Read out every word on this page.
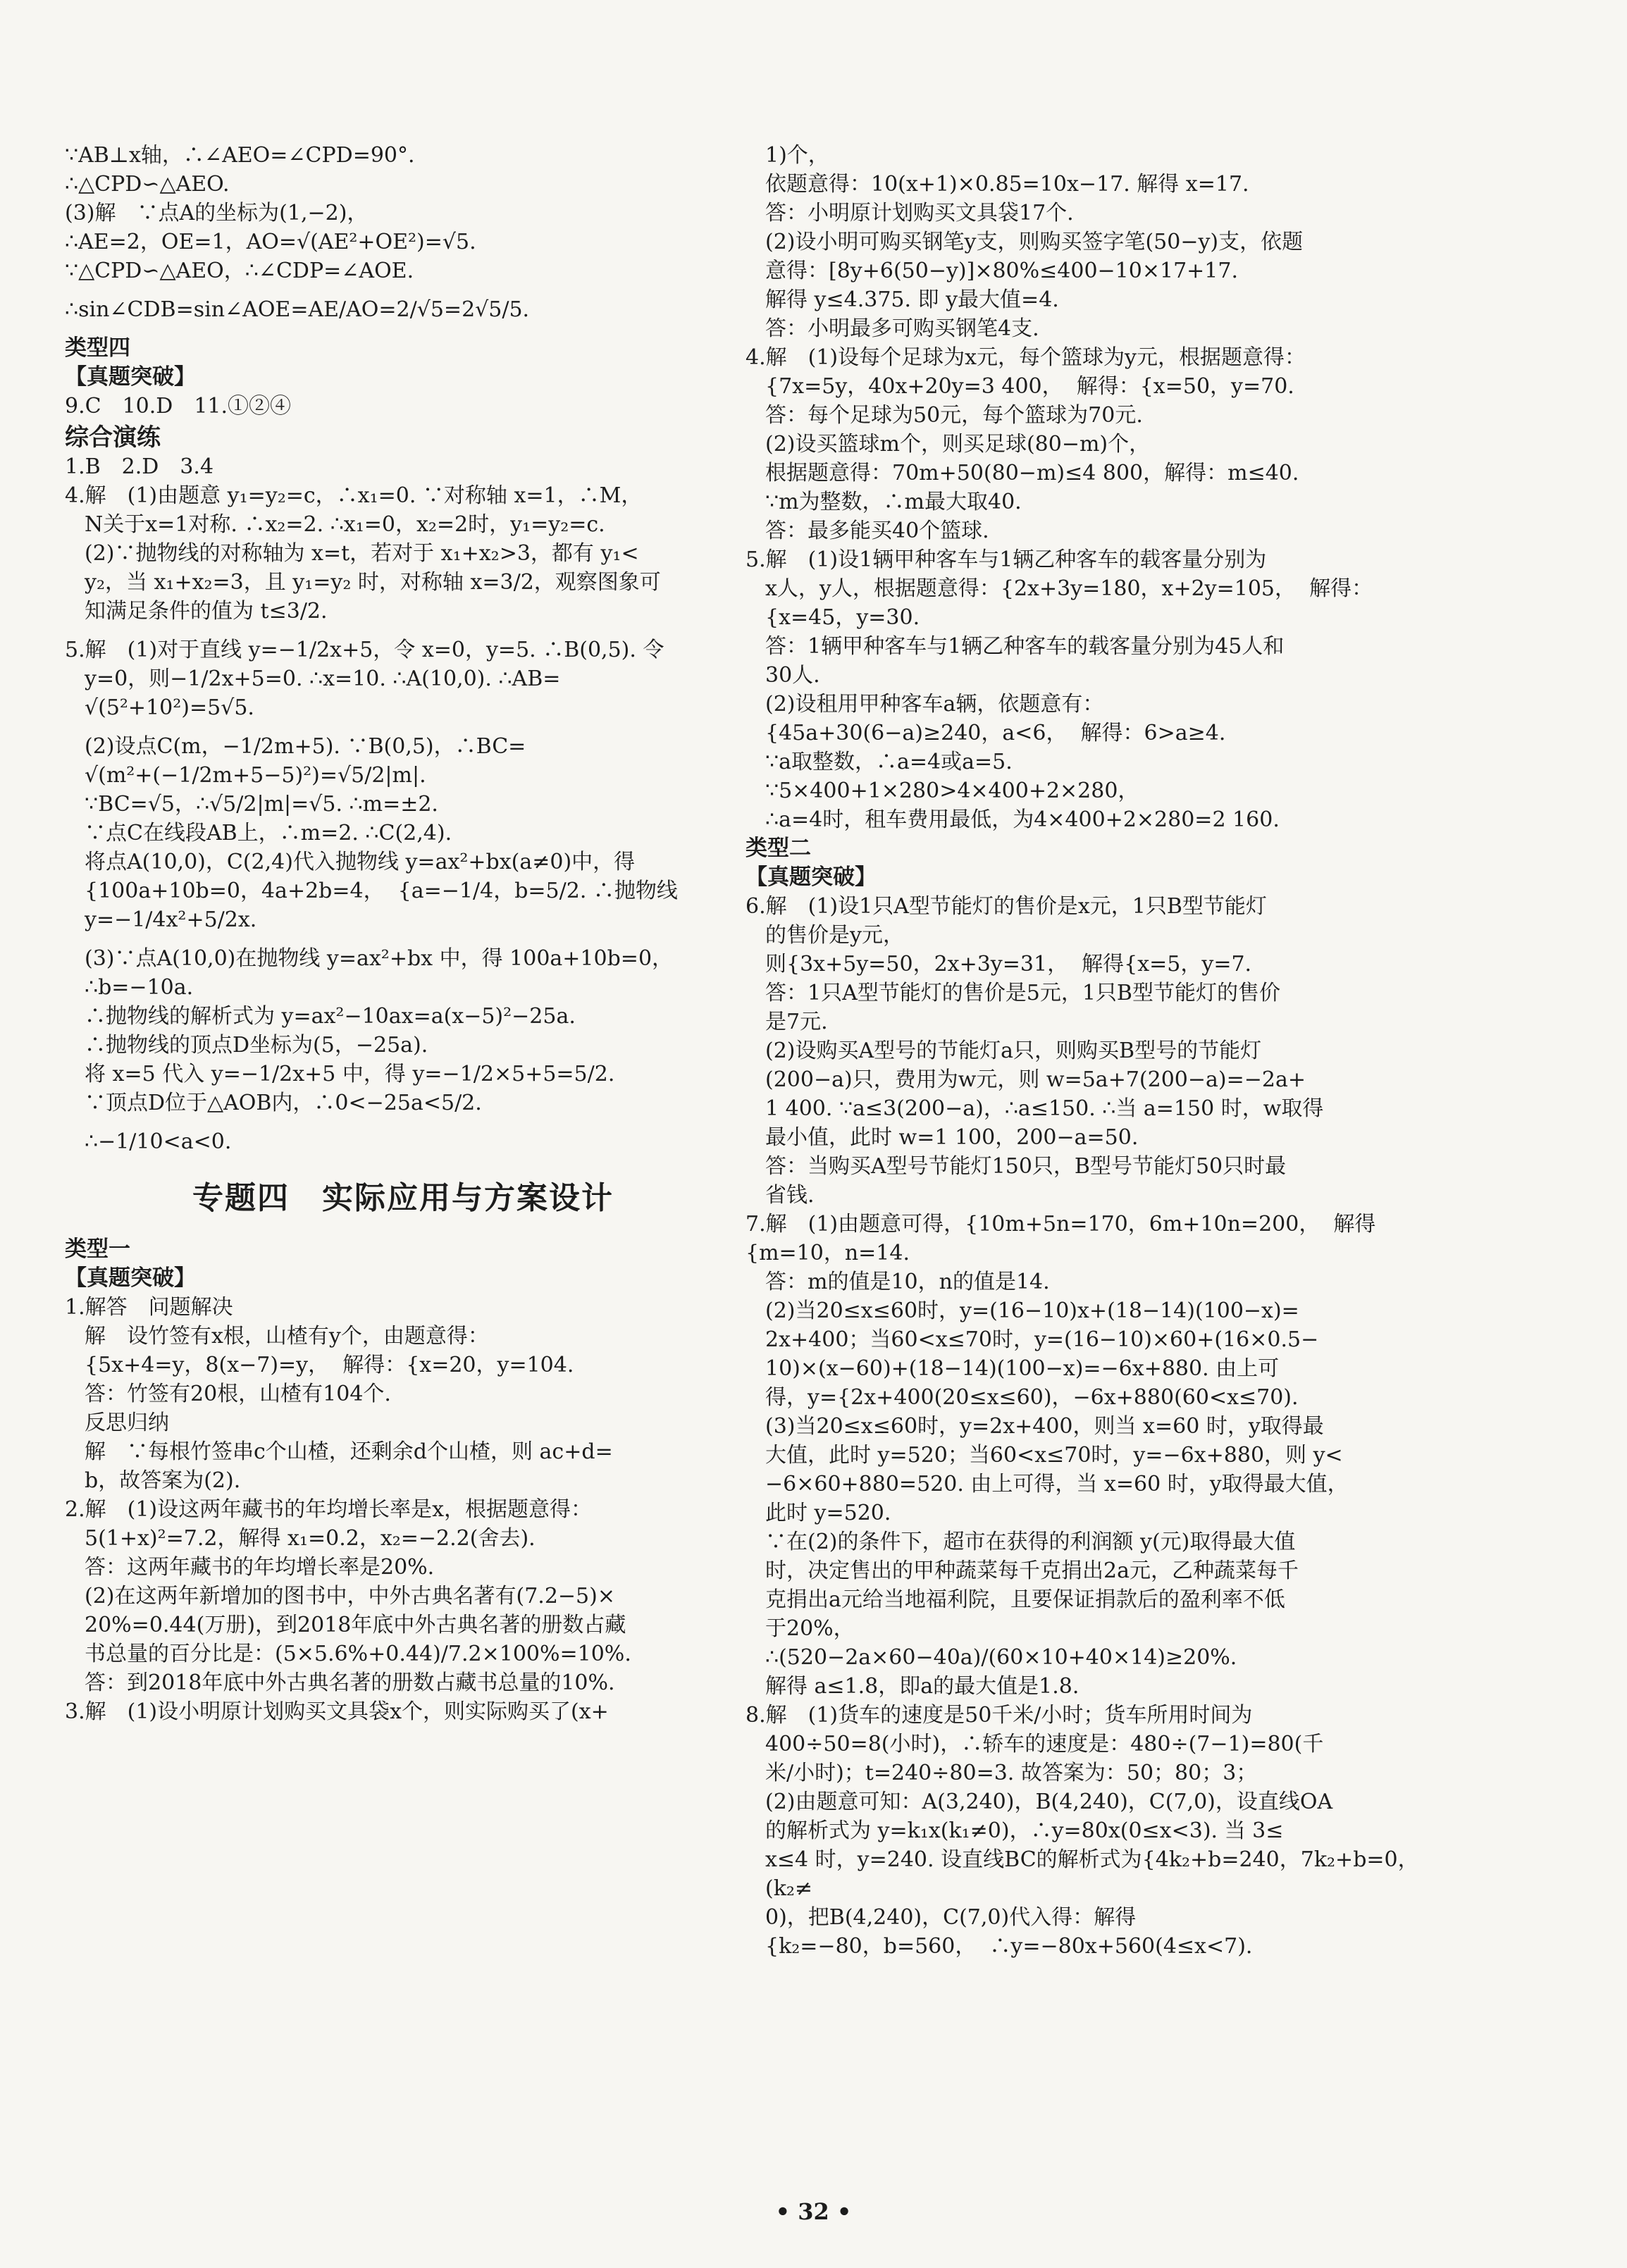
∵AB⊥x轴，∴∠AEO=∠CPD=90°.

∴△CPD∽△AEO.

(3)解　∵点A的坐标为(1,−2)，

∴AE=2，OE=1，AO=√(AE²+OE²)=√5.

∵△CPD∽△AEO，∴∠CDP=∠AOE.

∴sin∠CDB=sin∠AOE=AE/AO=2/√5=2√5/5.

类型四

【真题突破】

9.C　10.D　11.①②④

综合演练

1.B　2.D　3.4

4.解　(1)由题意 y₁=y₂=c，∴x₁=0. ∵对称轴 x=1，∴M，

N关于x=1对称. ∴x₂=2. ∴x₁=0，x₂=2时，y₁=y₂=c.

(2)∵抛物线的对称轴为 x=t，若对于 x₁+x₂>3，都有 y₁<

y₂，当 x₁+x₂=3，且 y₁=y₂ 时，对称轴 x=3/2，观察图象可

知满足条件的值为 t≤3/2.

5.解　(1)对于直线 y=−1/2x+5，令 x=0，y=5. ∴B(0,5). 令

y=0，则−1/2x+5=0. ∴x=10. ∴A(10,0). ∴AB=

√(5²+10²)=5√5.

(2)设点C(m，−1/2m+5). ∵B(0,5)，∴BC=

√(m²+(−1/2m+5−5)²)=√5/2|m|.

∵BC=√5，∴√5/2|m|=√5. ∴m=±2.

∵点C在线段AB上，∴m=2. ∴C(2,4).

将点A(10,0)，C(2,4)代入抛物线 y=ax²+bx(a≠0)中，得

{100a+10b=0，4a+2b=4，  {a=−1/4，b=5/2. ∴抛物线 y=−1/4x²+5/2x.

(3)∵点A(10,0)在抛物线 y=ax²+bx 中，得 100a+10b=0，

∴b=−10a.

∴抛物线的解析式为 y=ax²−10ax=a(x−5)²−25a.

∴抛物线的顶点D坐标为(5，−25a).

将 x=5 代入 y=−1/2x+5 中，得 y=−1/2×5+5=5/2.

∵顶点D位于△AOB内，∴0<−25a<5/2.

∴−1/10<a<0.

专题四　实际应用与方案设计

类型一

【真题突破】

1.解答　问题解决

解　设竹签有x根，山楂有y个，由题意得：

{5x+4=y，8(x−7)=y，  解得：{x=20，y=104.

答：竹签有20根，山楂有104个.

反思归纳

解　∵每根竹签串c个山楂，还剩余d个山楂，则 ac+d=

b，故答案为(2).

2.解　(1)设这两年藏书的年均增长率是x，根据题意得：

5(1+x)²=7.2，解得 x₁=0.2，x₂=−2.2(舍去).

答：这两年藏书的年均增长率是20%.

(2)在这两年新增加的图书中，中外古典名著有(7.2−5)×

20%=0.44(万册)，到2018年底中外古典名著的册数占藏

书总量的百分比是：(5×5.6%+0.44)/7.2×100%=10%.

答：到2018年底中外古典名著的册数占藏书总量的10%.

3.解　(1)设小明原计划购买文具袋x个，则实际购买了(x+

1)个，

依题意得：10(x+1)×0.85=10x−17. 解得 x=17.

答：小明原计划购买文具袋17个.

(2)设小明可购买钢笔y支，则购买签字笔(50−y)支，依题

意得：[8y+6(50−y)]×80%≤400−10×17+17.

解得 y≤4.375. 即 y最大值=4.

答：小明最多可购买钢笔4支.

4.解　(1)设每个足球为x元，每个篮球为y元，根据题意得：

{7x=5y，40x+20y=3 400，  解得：{x=50，y=70.

答：每个足球为50元，每个篮球为70元.

(2)设买篮球m个，则买足球(80−m)个，

根据题意得：70m+50(80−m)≤4 800，解得：m≤40.

∵m为整数，∴m最大取40.

答：最多能买40个篮球.

5.解　(1)设1辆甲种客车与1辆乙种客车的载客量分别为

x人，y人，根据题意得：{2x+3y=180，x+2y=105，  解得：{x=45，y=30.

答：1辆甲种客车与1辆乙种客车的载客量分别为45人和

30人.

(2)设租用甲种客车a辆，依题意有：

{45a+30(6−a)≥240，a<6，  解得：6>a≥4.

∵a取整数，∴a=4或a=5.

∵5×400+1×280>4×400+2×280，

∴a=4时，租车费用最低，为4×400+2×280=2 160.

类型二

【真题突破】

6.解　(1)设1只A型节能灯的售价是x元，1只B型节能灯

的售价是y元，

则{3x+5y=50，2x+3y=31，  解得{x=5，y=7.

答：1只A型节能灯的售价是5元，1只B型节能灯的售价

是7元.

(2)设购买A型号的节能灯a只，则购买B型号的节能灯

(200−a)只，费用为w元，则 w=5a+7(200−a)=−2a+

1 400. ∵a≤3(200−a)，∴a≤150. ∴当 a=150 时，w取得

最小值，此时 w=1 100，200−a=50.

答：当购买A型号节能灯150只，B型号节能灯50只时最

省钱.

7.解　(1)由题意可得，{10m+5n=170，6m+10n=200，  解得{m=10，n=14.

答：m的值是10，n的值是14.

(2)当20≤x≤60时，y=(16−10)x+(18−14)(100−x)=

2x+400；当60<x≤70时，y=(16−10)×60+(16×0.5−

10)×(x−60)+(18−14)(100−x)=−6x+880. 由上可

得，y={2x+400(20≤x≤60)，−6x+880(60<x≤70).

(3)当20≤x≤60时，y=2x+400，则当 x=60 时，y取得最

大值，此时 y=520；当60<x≤70时，y=−6x+880，则 y<

−6×60+880=520. 由上可得，当 x=60 时，y取得最大值，

此时 y=520.

∵在(2)的条件下，超市在获得的利润额 y(元)取得最大值

时，决定售出的甲种蔬菜每千克捐出2a元，乙种蔬菜每千

克捐出a元给当地福利院，且要保证捐款后的盈利率不低

于20%，

∴(520−2a×60−40a)/(60×10+40×14)≥20%.

解得 a≤1.8，即a的最大值是1.8.

8.解　(1)货车的速度是50千米/小时；货车所用时间为

400÷50=8(小时)，∴轿车的速度是：480÷(7−1)=80(千

米/小时)；t=240÷80=3. 故答案为：50；80；3；

(2)由题意可知：A(3,240)，B(4,240)，C(7,0)，设直线OA

的解析式为 y=k₁x(k₁≠0)，∴y=80x(0≤x<3). 当 3≤

x≤4 时，y=240. 设直线BC的解析式为{4k₂+b=240，7k₂+b=0，(k₂≠

0)，把B(4,240)，C(7,0)代入得：解得

{k₂=−80，b=560，  ∴y=−80x+560(4≤x<7).

• 32 •
